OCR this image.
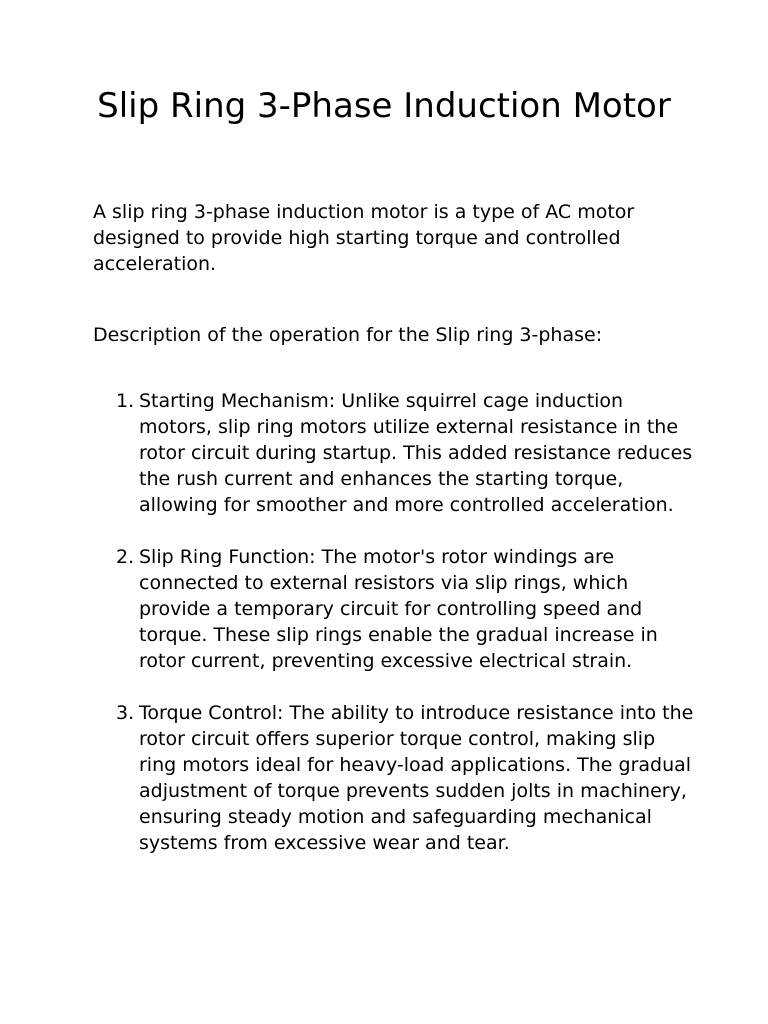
Slip Ring 3-Phase Induction Motor

A slip ring 3-phase induction motor is a type of AC motor designed to provide high starting torque and controlled acceleration.

Description of the operation for the Slip ring 3-phase:

1. Starting Mechanism: Unlike squirrel cage induction motors, slip ring motors utilize external resistance in the rotor circuit during startup. This added resistance reduces the rush current and enhances the starting torque, allowing for smoother and more controlled acceleration.
2. Slip Ring Function: The motor's rotor windings are connected to external resistors via slip rings, which provide a temporary circuit for controlling speed and torque. These slip rings enable the gradual increase in rotor current, preventing excessive electrical strain.
3. Torque Control: The ability to introduce resistance into the rotor circuit offers superior torque control, making slip ring motors ideal for heavy-load applications. The gradual adjustment of torque prevents sudden jolts in machinery, ensuring steady motion and safeguarding mechanical systems from excessive wear and tear.
